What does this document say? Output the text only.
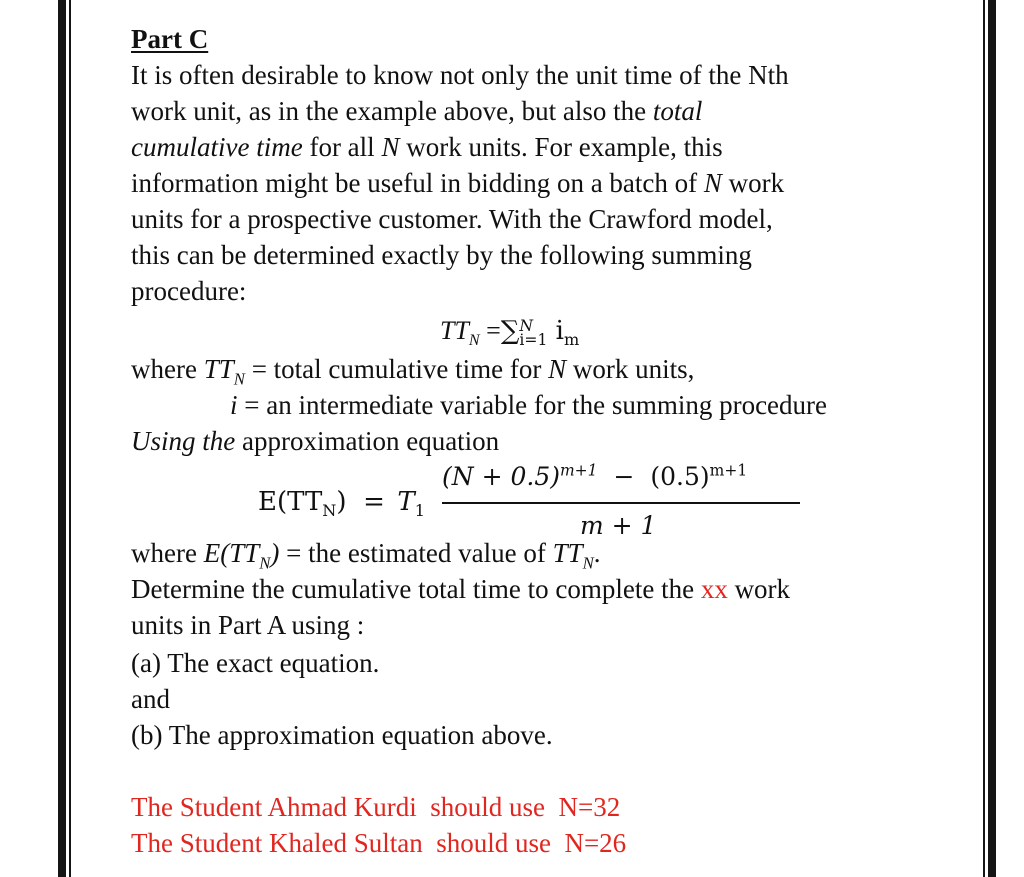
Part C
It is often desirable to know not only the unit time of the Nth
work unit, as in the example above, but also the total
cumulative time for all N work units. For example, this
information might be useful in bidding on a batch of N work
units for a prospective customer. With the Crawford model,
this can be determined exactly by the following summing
procedure:
$TT_N$ =∑ N
i=1 $i_m$
where $TT_N$ = total cumulative time for N work units,
i = an intermediate variable for the summing procedure
Using the approximation equation
$E(TT_N) = T_1$
$(N + 0.5)^{m+1} - (0.5)^{m+1}$
m + 1
where $E(TT_N)$ = the estimated value of $TT_N$.
Determine the cumulative total time to complete the xx work
units in Part A using :
(a) The exact equation.
and
(b) The approximation equation above.
The Student Ahmad Kurdi  should use  N=32
The Student Khaled Sultan  should use  N=26
